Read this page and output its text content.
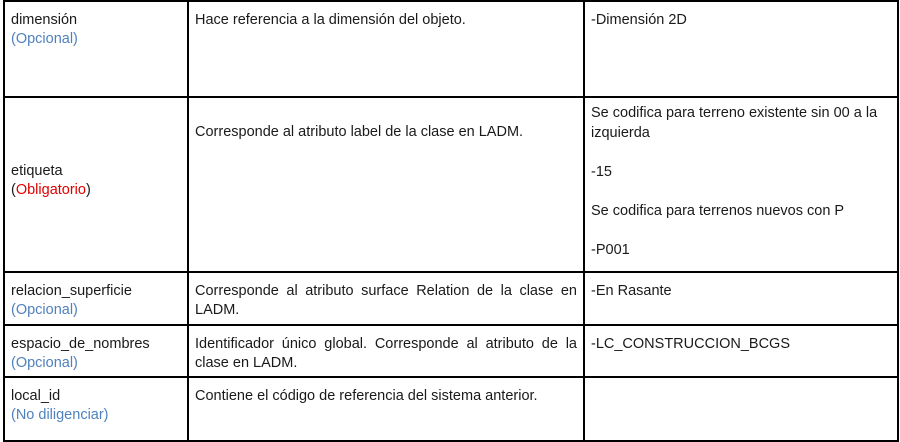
dimensión
(Opcional)	Hace referencia a la dimensión del objeto.	-Dimensión 2D

etiqueta
(Obligatorio)	Corresponde al atributo label de la clase en LADM.	Se codifica para terreno existente sin 00 a la izquierda
-15
Se codifica para terrenos nuevos con P
-P001

relacion_superficie
(Opcional)	Corresponde al atributo surface Relation de la clase en LADM.	-En Rasante

espacio_de_nombres
(Opcional)	Identificador único global. Corresponde al atributo de la clase en LADM.	-LC_CONSTRUCCION_BCGS

local_id
(No diligenciar)	Contiene el código de referencia del sistema anterior.	
